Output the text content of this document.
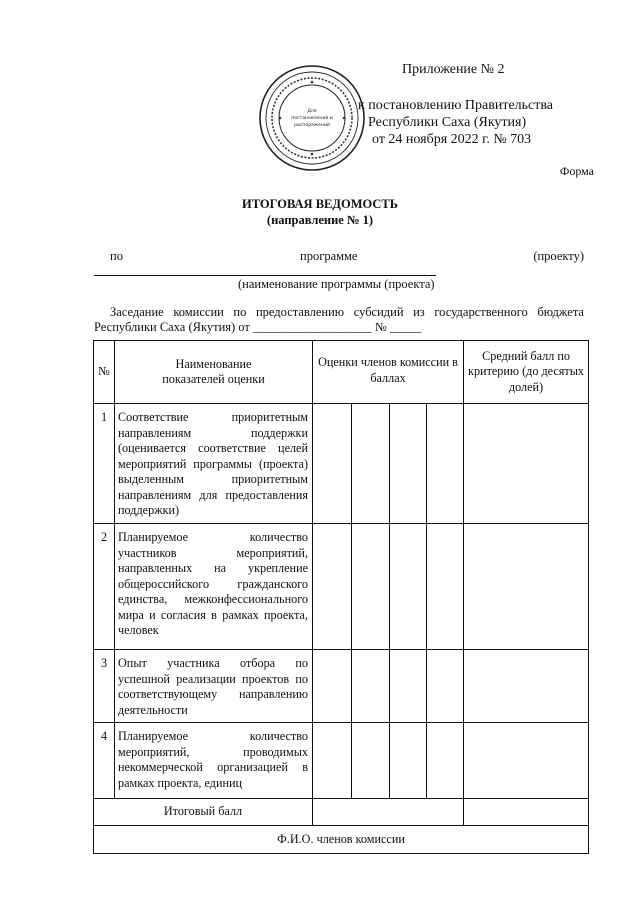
Для
постановлений и
распоряжений
Приложение № 2
к постановлению Правительства
Республики Саха (Якутия)
от 24 ноября 2022 г. № 703
Форма
ИТОГОВАЯ ВЕДОМОСТЬ
(направление № 1)
по	программе	(проекту)
(наименование программы (проекта)
Заседание комиссии по предоставлению субсидий из государственного бюджета Республики Саха (Якутия) от ___________________ № _____
№	Наименование показателей оценки	Оценки членов комиссии в баллах				Средний балл по критерию (до десятых долей)
1	Соответствие приоритетным направлениям поддержки (оценивается соответствие целей мероприятий программы (проекта) выделенным приоритетным направлениям для предоставления поддержки)					
2	Планируемое количество участников мероприятий, направленных на укрепление общероссийского гражданского единства, межконфессионального мира и согласия в рамках проекта, человек					
3	Опыт участника отбора по успешной реализации проектов по соответствующему направлению деятельности					
4	Планируемое количество мероприятий, проводимых некоммерческой организацией в рамках проекта, единиц					
Итоговый балл						
Ф.И.О. членов комиссии						
